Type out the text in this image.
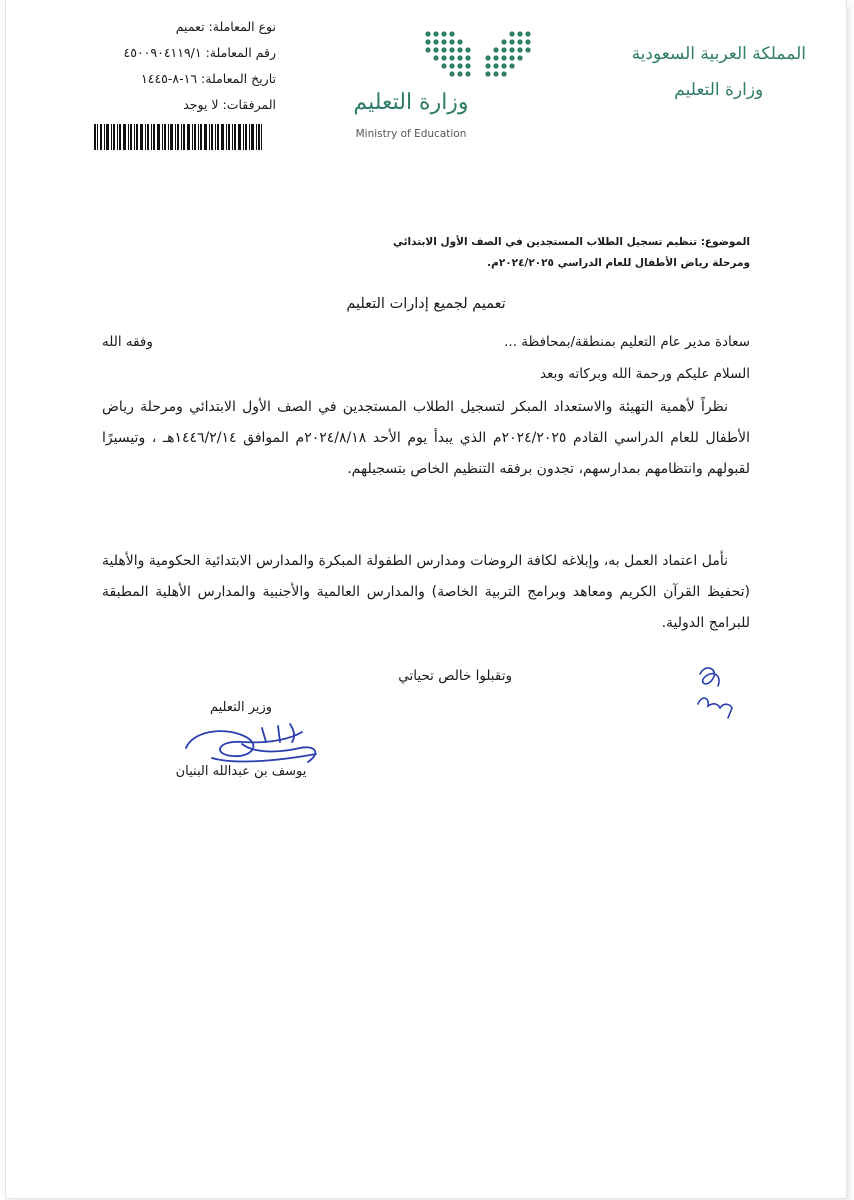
المملكة العربية السعودية
وزارة التعليم
وزارة التعليم
Ministry of Education
نوع المعاملة: تعميم
رقم المعاملة: ٤٥٠٠٩٠٤١١٩/١
تاريخ المعاملة: ١٦-٨-١٤٤٥
المرفقات: لا يوجد
الموضوع: تنظيم تسجيل الطلاب المستجدين في الصف الأول الابتدائي
ومرحلة رياض الأطفال للعام الدراسي ٢٠٢٤/٢٠٢٥م.
تعميم لجميع إدارات التعليم
سعادة مدير عام التعليم بمنطقة/بمحافظة ...
وفقه الله
السلام عليكم ورحمة الله وبركاته وبعد

نظراً لأهمية التهيئة والاستعداد المبكر لتسجيل الطلاب المستجدين في الصف الأول الابتدائي ومرحلة رياض الأطفال للعام الدراسي القادم ٢٠٢٤/٢٠٢٥م الذي يبدأ يوم الأحد ٢٠٢٤/٨/١٨م الموافق ١٤٤٦/٢/١٤هـ ، وتيسيرًا لقبولهم وانتظامهم بمدارسهم، تجدون برفقه التنظيم الخاص بتسجيلهم.

نأمل اعتماد العمل به، وإبلاغه لكافة الروضات ومدارس الطفولة المبكرة والمدارس الابتدائية الحكومية والأهلية (تحفيظ القرآن الكريم ومعاهد وبرامج التربية الخاصة) والمدارس العالمية والأجنبية والمدارس الأهلية المطبقة للبرامج الدولية.

وتقبلوا خالص تحياتي
وزير التعليم
يوسف بن عبدالله البنيان
